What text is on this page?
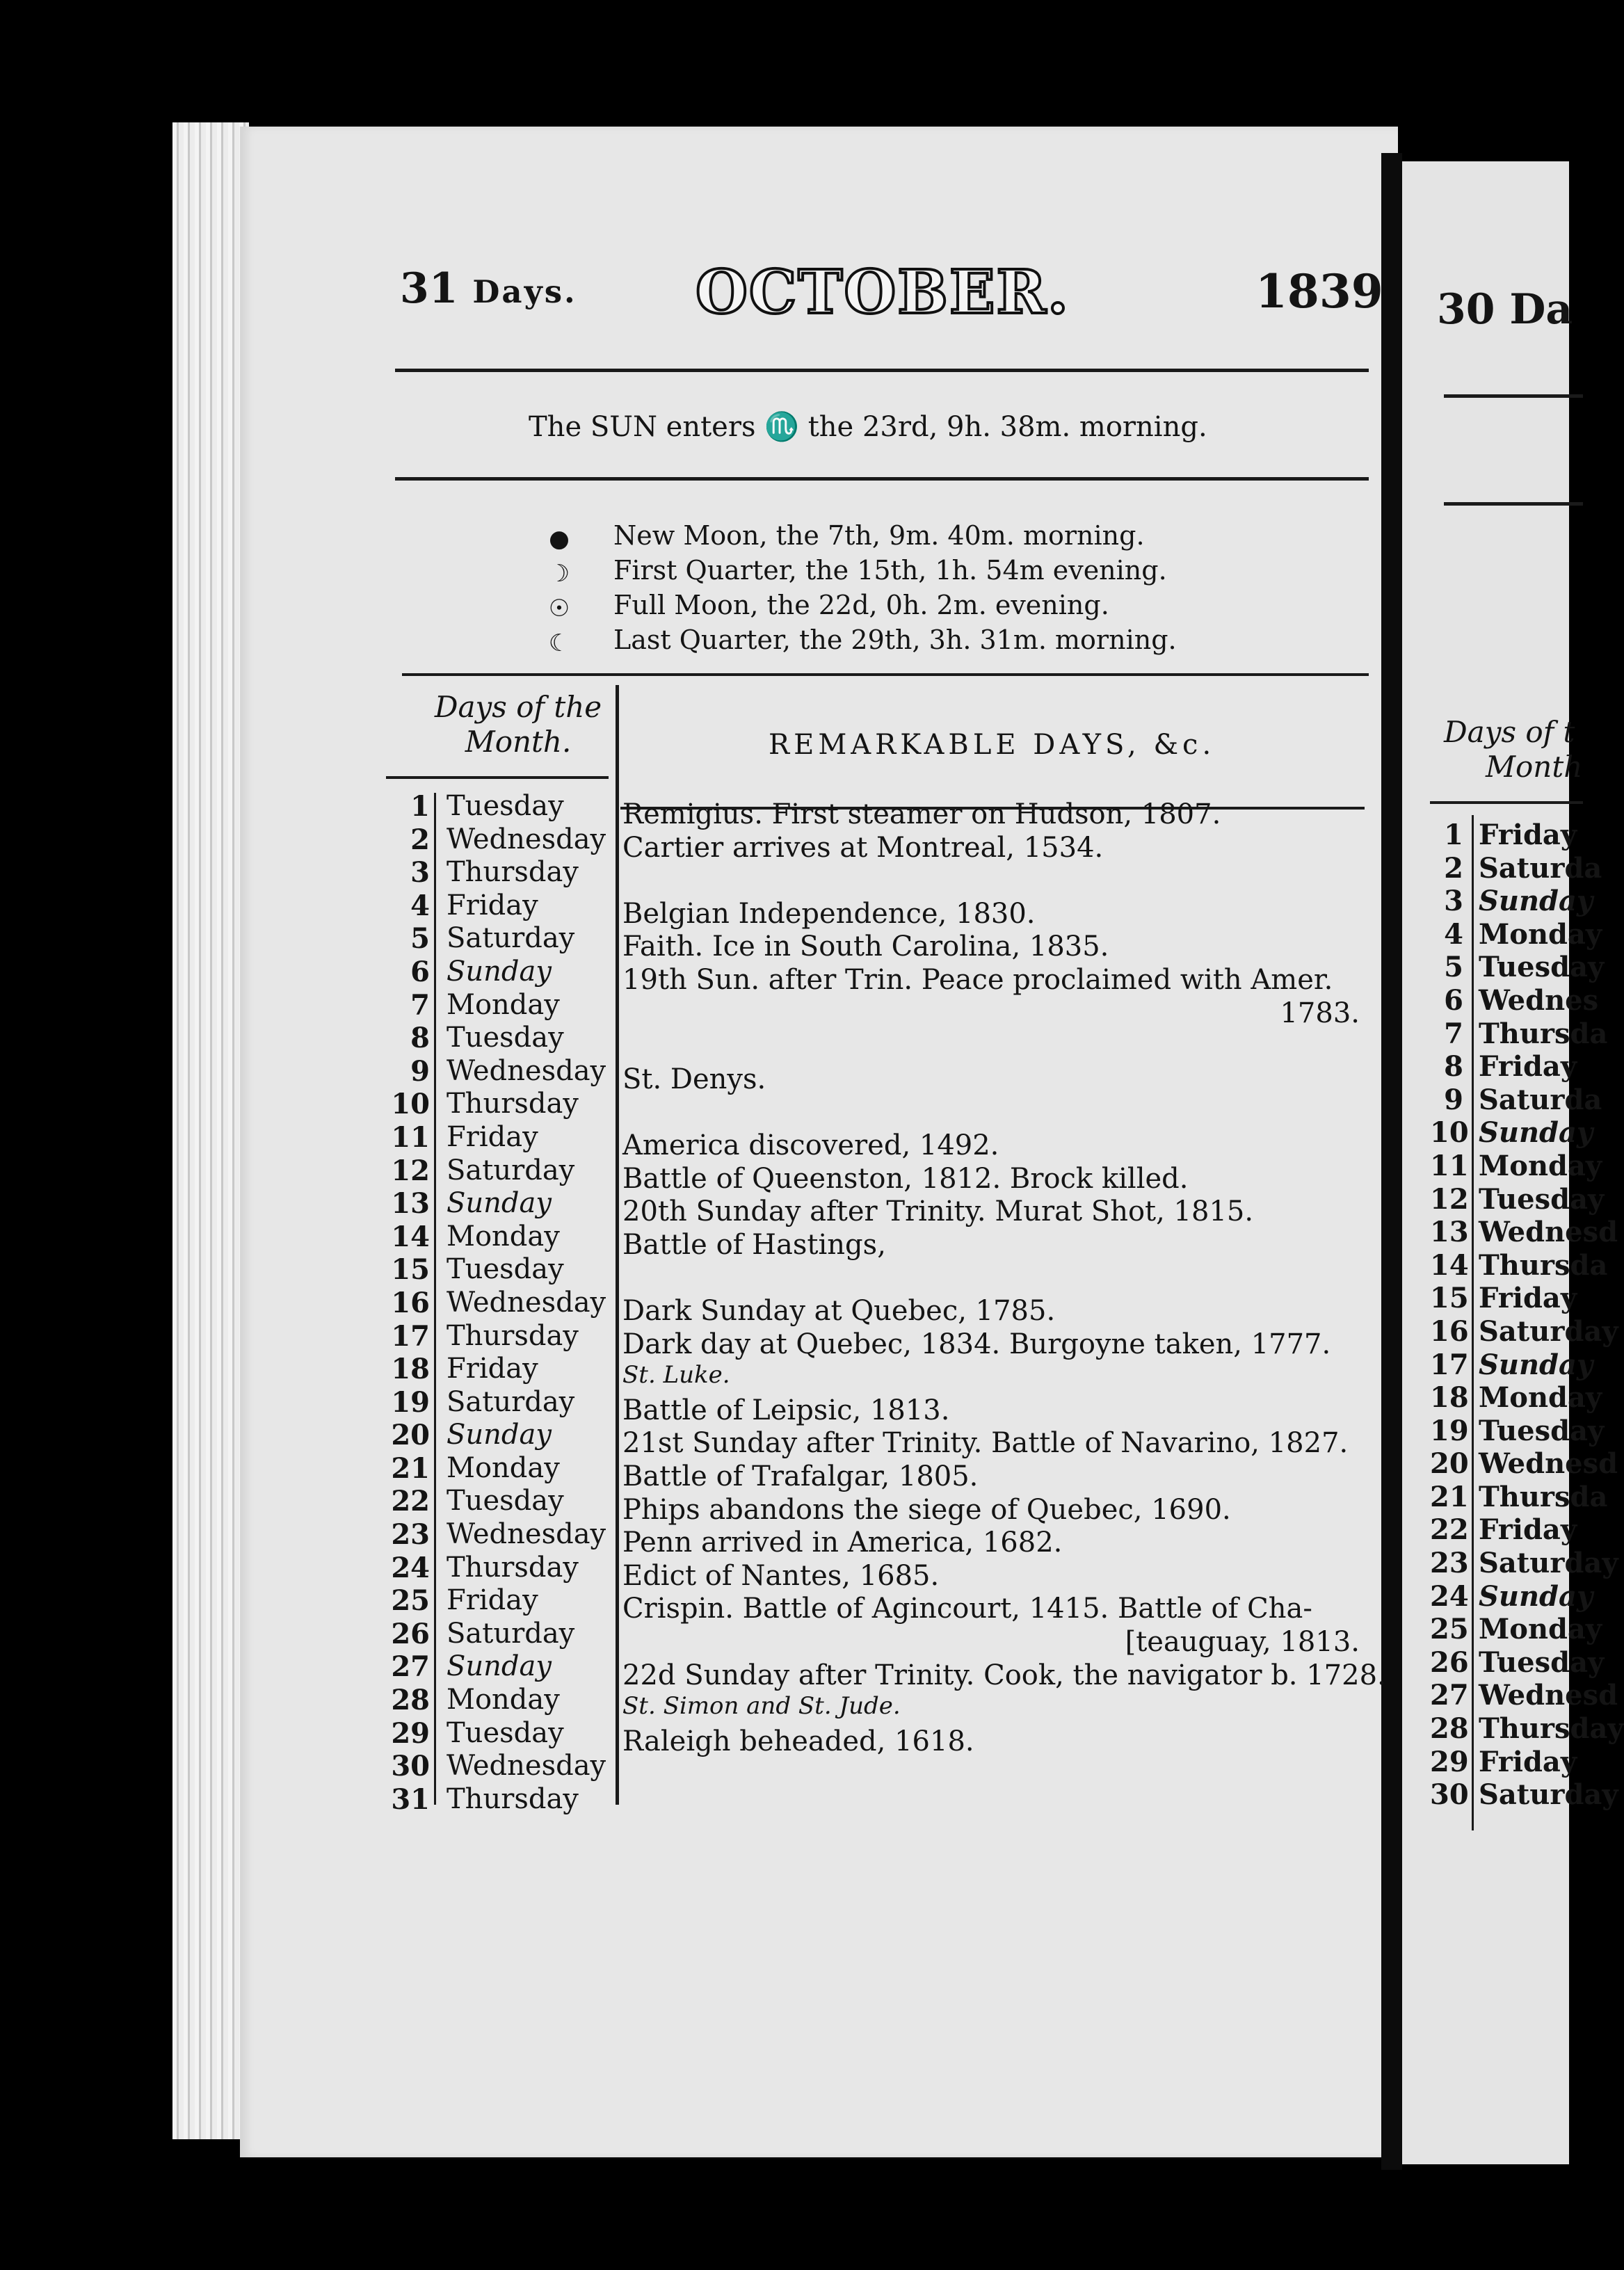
31 Days. OCTOBER.	1839
The SUN enters ♏ the 23rd, 9h. 38m. morning.
● New Moon, the 7th, 9m. 40m. morning.
☽ First Quarter, the 15th, 1h. 54m evening.
☉ Full Moon, the 22d, 0h. 2m. evening.
☾ Last Quarter, the 29th, 3h. 31m. morning.
Days of the
Month.	REMARKABLE DAYS, &c.
1 Tuesday
2 Wednesday
3 Thursday
4 Friday
5 Saturday
6 Sunday
7 Monday
8 Tuesday
9 Wednesday
10 Thursday
11 Friday
12 Saturday
13 Sunday
14 Monday
15 Tuesday
16 Wednesday
17 Thursday
18 Friday
19 Saturday
20 Sunday
21 Monday
22 Tuesday
23 Wednesday
24 Thursday
25 Friday
26 Saturday
27 Sunday
28 Monday
29 Tuesday
30 Wednesday
31 Thursday
Remigius. First steamer on Hudson, 1807.
Cartier arrives at Montreal, 1534.
Belgian Independence, 1830.
Faith. Ice in South Carolina, 1835.
19th Sun. after Trin. Peace proclaimed with Amer.
1783.
St. Denys.
America discovered, 1492.
Battle of Queenston, 1812. Brock killed.
20th Sunday after Trinity. Murat Shot, 1815.
Battle of Hastings,
Dark Sunday at Quebec, 1785.
Dark day at Quebec, 1834. Burgoyne taken, 1777.
St. Luke.
Battle of Leipsic, 1813.
21st Sunday after Trinity. Battle of Navarino, 1827.
Battle of Trafalgar, 1805.
Phips abandons the siege of Quebec, 1690.
Penn arrived in America, 1682.
Edict of Nantes, 1685.
Crispin. Battle of Agincourt, 1415. Battle of Cha-
[teauguay, 1813.
22d Sunday after Trinity. Cook, the navigator b. 1728.
St. Simon and St. Jude.
Raleigh beheaded, 1618.
30 Da
Days of t
Month
1 Friday
2 Saturda
3 Sunday
4 Monday
5 Tuesday
6 Wednes
7 Thursda
8 Friday
9 Saturda
10 Sunday
11 Monday
12 Tuesday
13 Wednesd
14 Thursda
15 Friday
16 Saturday
17 Sunday
18 Monday
19 Tuesday
20 Wednesd
21 Thursda
22 Friday
23 Saturday
24 Sunday
25 Monday
26 Tuesday
27 Wednesd
28 Thursday
29 Friday
30 Saturday
